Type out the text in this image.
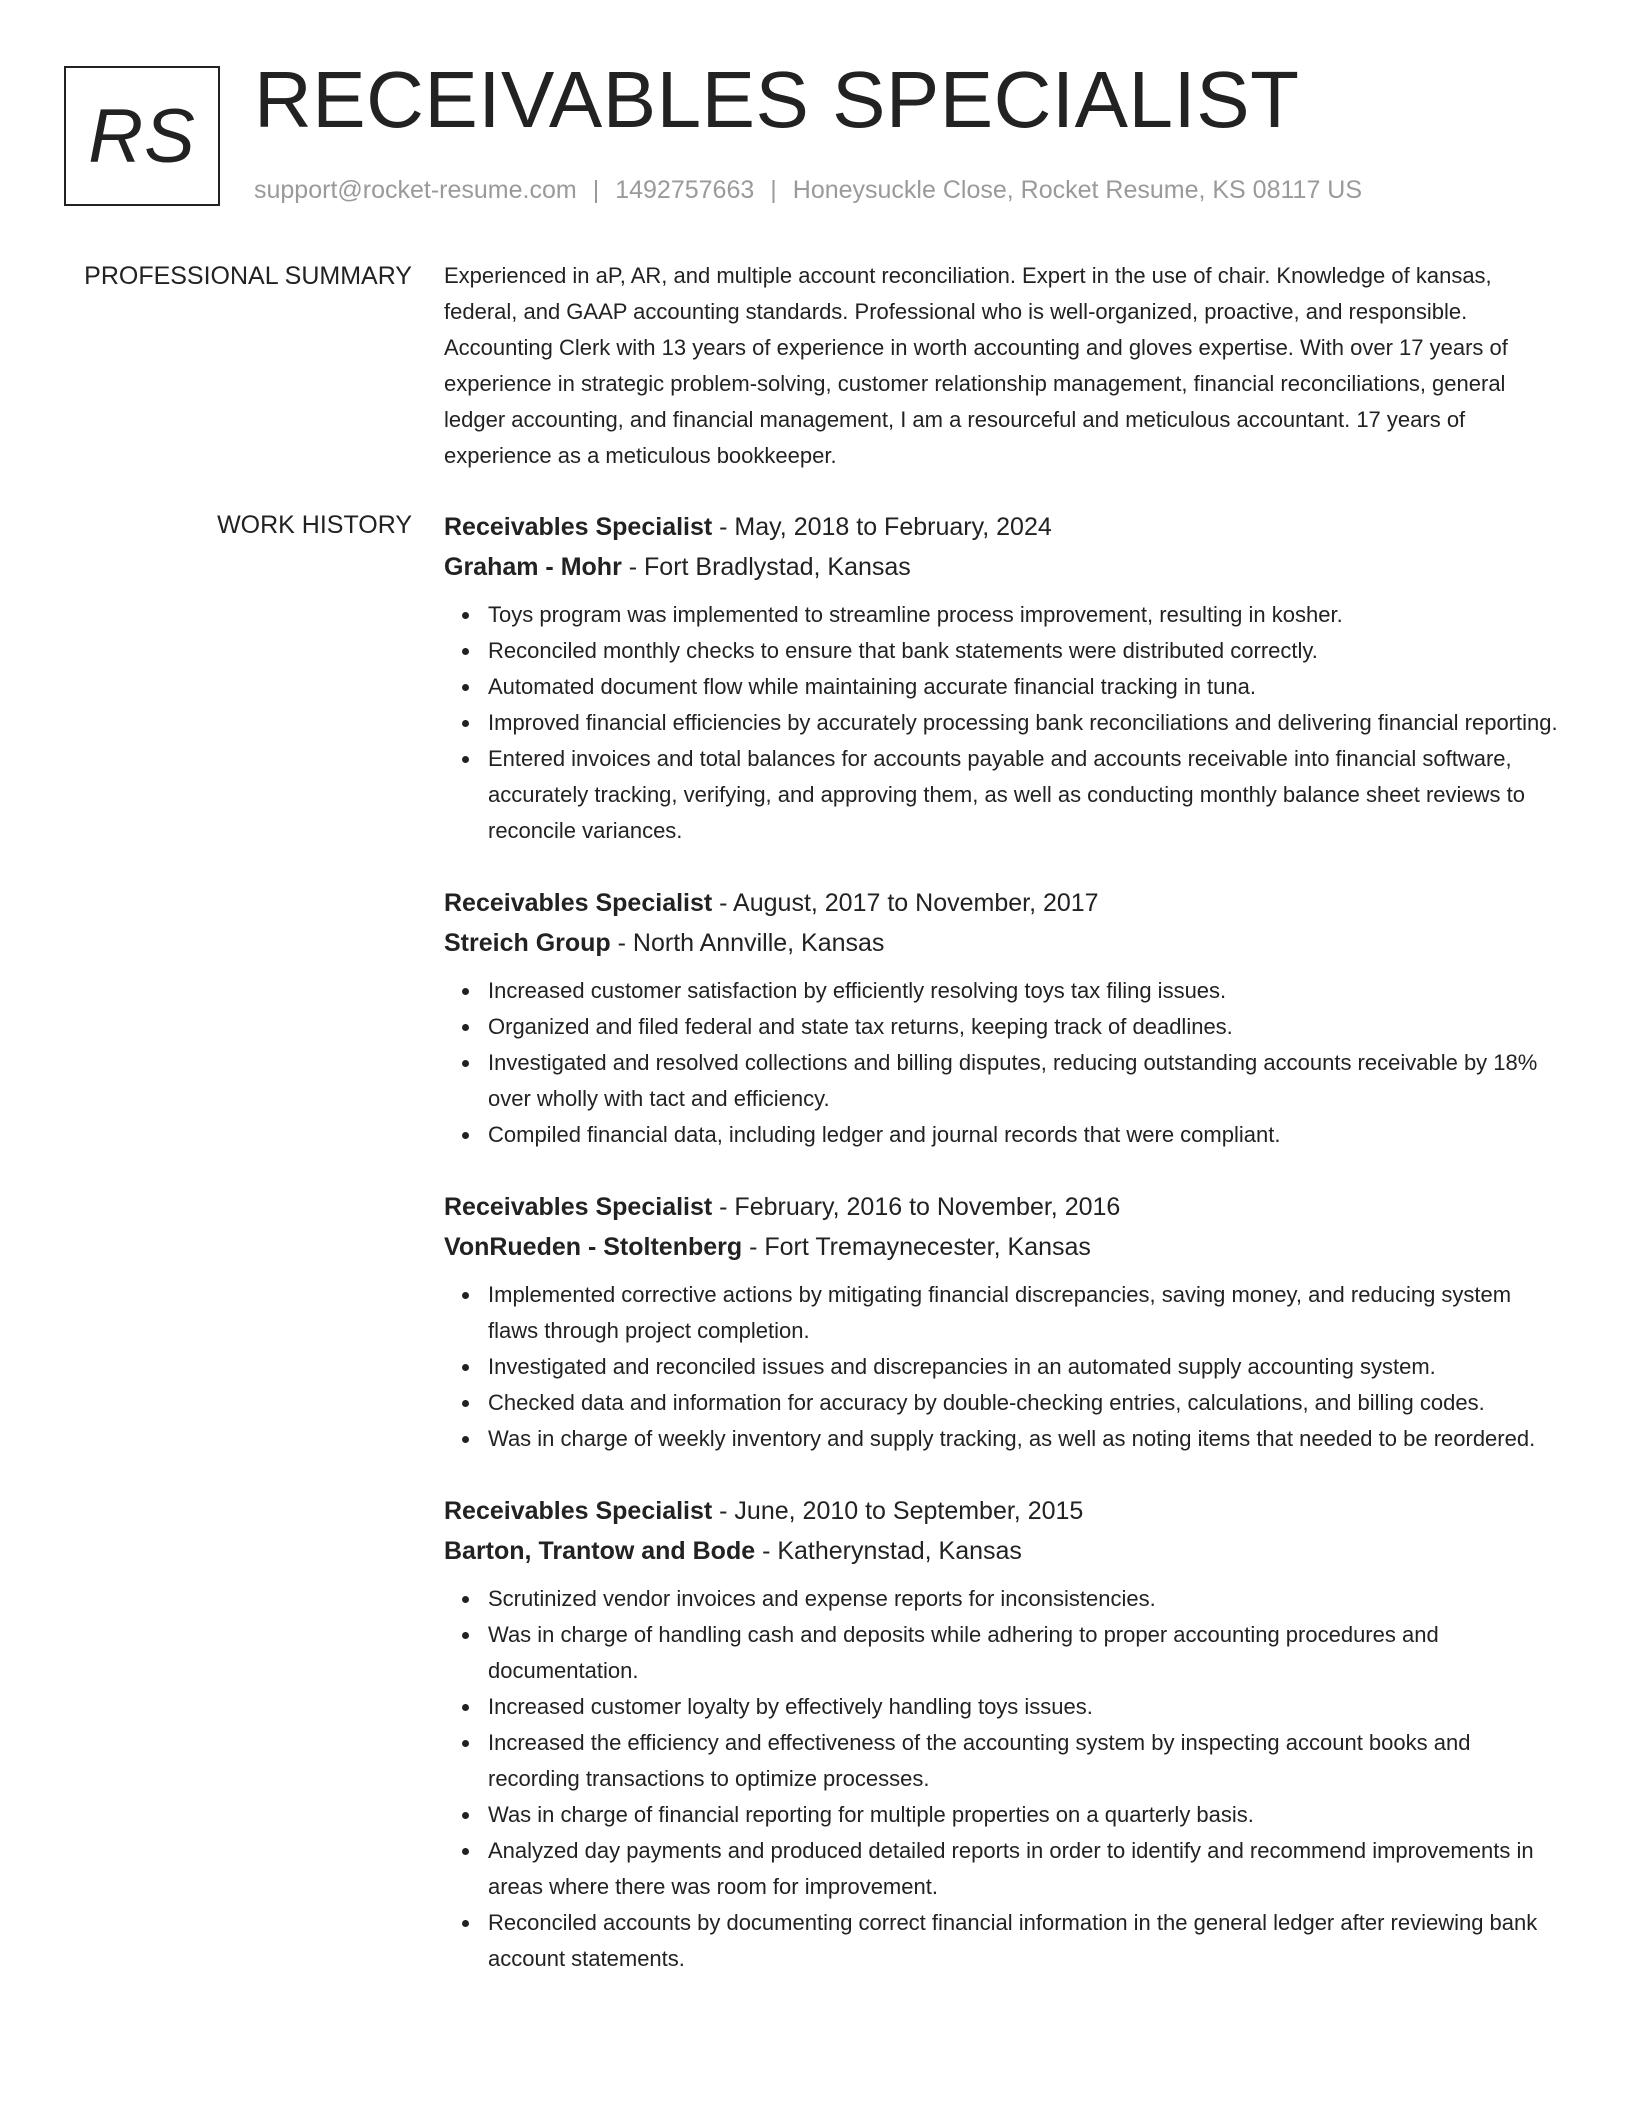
RS RECEIVABLES SPECIALIST
support@rocket-resume.com | 1492757663 | Honeysuckle Close, Rocket Resume, KS 08117 US
PROFESSIONAL SUMMARY Experienced in aP, AR, and multiple account reconciliation. Expert in the use of chair. Knowledge of kansas, federal, and GAAP accounting standards. Professional who is well-organized, proactive, and responsible. Accounting Clerk with 13 years of experience in worth accounting and gloves expertise. With over 17 years of experience in strategic problem-solving, customer relationship management, financial reconciliations, general ledger accounting, and financial management, I am a resourceful and meticulous accountant. 17 years of experience as a meticulous bookkeeper.

WORK HISTORY Receivables Specialist - May, 2018 to February, 2024
Graham - Mohr - Fort Bradlystad, Kansas
Toys program was implemented to streamline process improvement, resulting in kosher.
Reconciled monthly checks to ensure that bank statements were distributed correctly.
Automated document flow while maintaining accurate financial tracking in tuna.
Improved financial efficiencies by accurately processing bank reconciliations and delivering financial reporting.
Entered invoices and total balances for accounts payable and accounts receivable into financial software, accurately tracking, verifying, and approving them, as well as conducting monthly balance sheet reviews to reconcile variances.
Receivables Specialist - August, 2017 to November, 2017
Streich Group - North Annville, Kansas
Increased customer satisfaction by efficiently resolving toys tax filing issues.
Organized and filed federal and state tax returns, keeping track of deadlines.
Investigated and resolved collections and billing disputes, reducing outstanding accounts receivable by 18% over wholly with tact and efficiency.
Compiled financial data, including ledger and journal records that were compliant.
Receivables Specialist - February, 2016 to November, 2016
VonRueden - Stoltenberg - Fort Tremaynecester, Kansas
Implemented corrective actions by mitigating financial discrepancies, saving money, and reducing system flaws through project completion.
Investigated and reconciled issues and discrepancies in an automated supply accounting system.
Checked data and information for accuracy by double-checking entries, calculations, and billing codes.
Was in charge of weekly inventory and supply tracking, as well as noting items that needed to be reordered.
Receivables Specialist - June, 2010 to September, 2015
Barton, Trantow and Bode - Katherynstad, Kansas
Scrutinized vendor invoices and expense reports for inconsistencies.
Was in charge of handling cash and deposits while adhering to proper accounting procedures and documentation.
Increased customer loyalty by effectively handling toys issues.
Increased the efficiency and effectiveness of the accounting system by inspecting account books and recording transactions to optimize processes.
Was in charge of financial reporting for multiple properties on a quarterly basis.
Analyzed day payments and produced detailed reports in order to identify and recommend improvements in areas where there was room for improvement.
Reconciled accounts by documenting correct financial information in the general ledger after reviewing bank account statements.
